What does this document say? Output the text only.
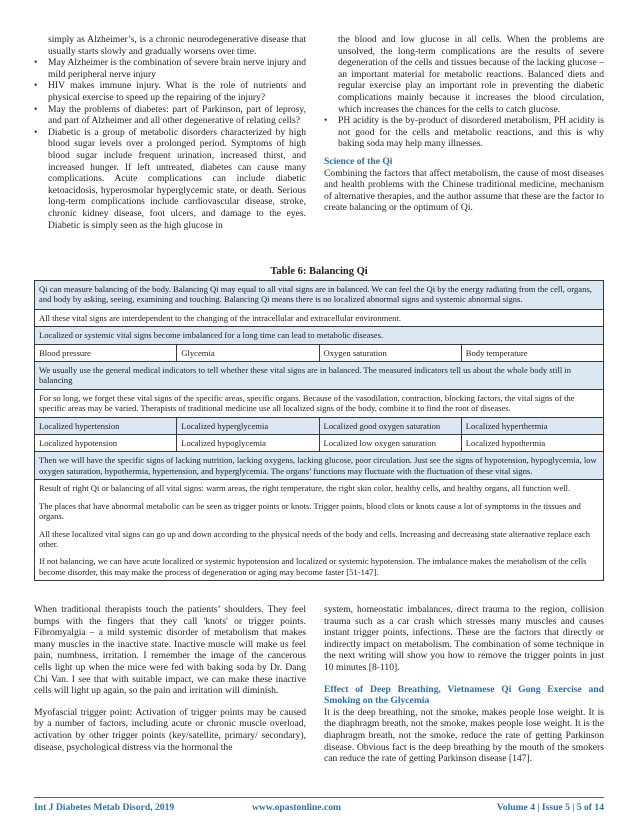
simply as Alzheimer’s, is a chronic neurodegenerative disease that usually starts slowly and gradually worsens over time.

• May Alzheimer is the combination of severe brain nerve injury and mild peripheral nerve injury
• HIV makes immune injury. What is the role of nutrients and physical exercise to speed up the repairing of the injury?
• May the problems of diabetes: part of Parkinson, part of leprosy, and part of Alzheimer and all other degenerative of relating cells?
• Diabetic is a group of metabolic disorders characterized by high blood sugar levels over a prolonged period. Symptoms of high blood sugar include frequent urination, increased thirst, and increased hunger. If left untreated, diabetes can cause many complications. Acute complications can include diabetic ketoacidosis, hyperosmolar hyperglycemic state, or death. Serious long-term complications include cardiovascular disease, stroke, chronic kidney disease, foot ulcers, and damage to the eyes. Diabetic is simply seen as the high glucose in

the blood and low glucose in all cells. When the problems are unsolved, the long-term complications are the results of severe degeneration of the cells and tissues because of the lacking glucose – an important material for metabolic reactions. Balanced diets and regular exercise play an important role in preventing the diabetic complications mainly because it increases the blood circulation, which increases the chances for the cells to catch glucose.

• PH acidity is the by-product of disordered metabolism, PH acidity is not good for the cells and metabolic reactions, and this is why baking soda may help many illnesses.

Science of the Qi

Combining the factors that affect metabolism, the cause of most diseases and health problems with the Chinese traditional medicine, mechanism of alternative therapies, and the author assume that these are the factor to create balancing or the optimum of Qi.

Table 6: Balancing Qi
Qi can measure balancing of the body. Balancing Qi may equal to all vital signs are in balanced. We can feel the Qi by the energy radiating from the cell, organs, and body by asking, seeing, examining and touching. Balancing Qi means there is no localized abnormal signs and systemic abnormal signs.			
All these vital signs are interdependent to the changing of the intracellular and extracellular environment.			
Localized or systemic vital signs become imbalanced for a long time can lead to metabolic diseases.			
Blood pressure	Glycemia	Oxygen saturation	Body temperature
We usually use the general medical indicators to tell whether these vital signs are in balanced. The measured indicators tell us about the whole body still in balancing			
For so long, we forget these vital signs of the specific areas, specific organs. Because of the vasodilation, contraction, blocking factors, the vital signs of the specific areas may be varied. Therapists of traditional medicine use all localized signs of the body, combine it to find the root of diseases.			
Localized hypertension	Localized hyperglycemia	Localized good oxygen saturation	Localized hyperthermia
Localized hypotension	Localized hypoglycemia	Localized low oxygen saturation	Localized hypothermia
Then we will have the specific signs of lacking nutrition, lacking oxygens, lacking glucose, poor circulation. Just see the signs of hypotension, hypoglycemia, low oxygen saturation, hypothermia, hypertension, and hyperglycemia. The organs’ functions may fluctuate with the fluctuation of these vital signs.			

Result of right Qi or balancing of all vital signs: warm areas, the right temperature, the right skin color, healthy cells, and healthy organs, all function well.
The places that have abnormal metabolic can be seen as trigger points or knots. Trigger points, blood clots or knots cause a lot of symptoms in the tissues and organs.
All these localized vital signs can go up and down according to the physical needs of the body and cells. Increasing and decreasing state alternative replace each other.
If not balancing, we can have acute localized or systemic hypotension and localized or systemic hypotension. The imbalance makes the metabolism of the cells become disorder, this may make the process of degeneration or aging may become faster [51-147].			

When traditional therapists touch the patients’ shoulders. They feel bumps with the fingers that they call 'knots' or trigger points. Fibromyalgia – a mild systemic disorder of metabolism that makes many muscles in the inactive state. Inactive muscle will make us feel pain, numbness, irritation. I remember the image of the cancerous cells light up when the mice were fed with baking soda by Dr. Dang Chi Van. I see that with suitable impact, we can make these inactive cells will light up again, so the pain and irritation will diminish.

Myofascial trigger point: Activation of trigger points may be caused by a number of factors, including acute or chronic muscle overload, activation by other trigger points (key/satellite, primary/ secondary), disease, psychological distress via the hormonal the

system, homeostatic imbalances, direct trauma to the region, collision trauma such as a car crash which stresses many muscles and causes instant trigger points, infections. These are the factors that directly or indirectly impact on metabolism. The combination of some technique in the next writing will show you how to remove the trigger points in just 10 minutes [8-110].

Effect of Deep Breathing, Vietnamese Qi Gong Exercise and Smoking on the Glycemia

It is the deep breathing, not the smoke, makes people lose weight. It is the diaphragm breath, not the smoke, makes people lose weight. It is the diaphragm breath, not the smoke, reduce the rate of getting Parkinson disease. Obvious fact is the deep breathing by the mouth of the smokers can reduce the rate of getting Parkinson disease [147].

Int J Diabetes Metab Disord, 2019	www.opastonline.com	Volume 4 | Issue 5 | 5 of 14
